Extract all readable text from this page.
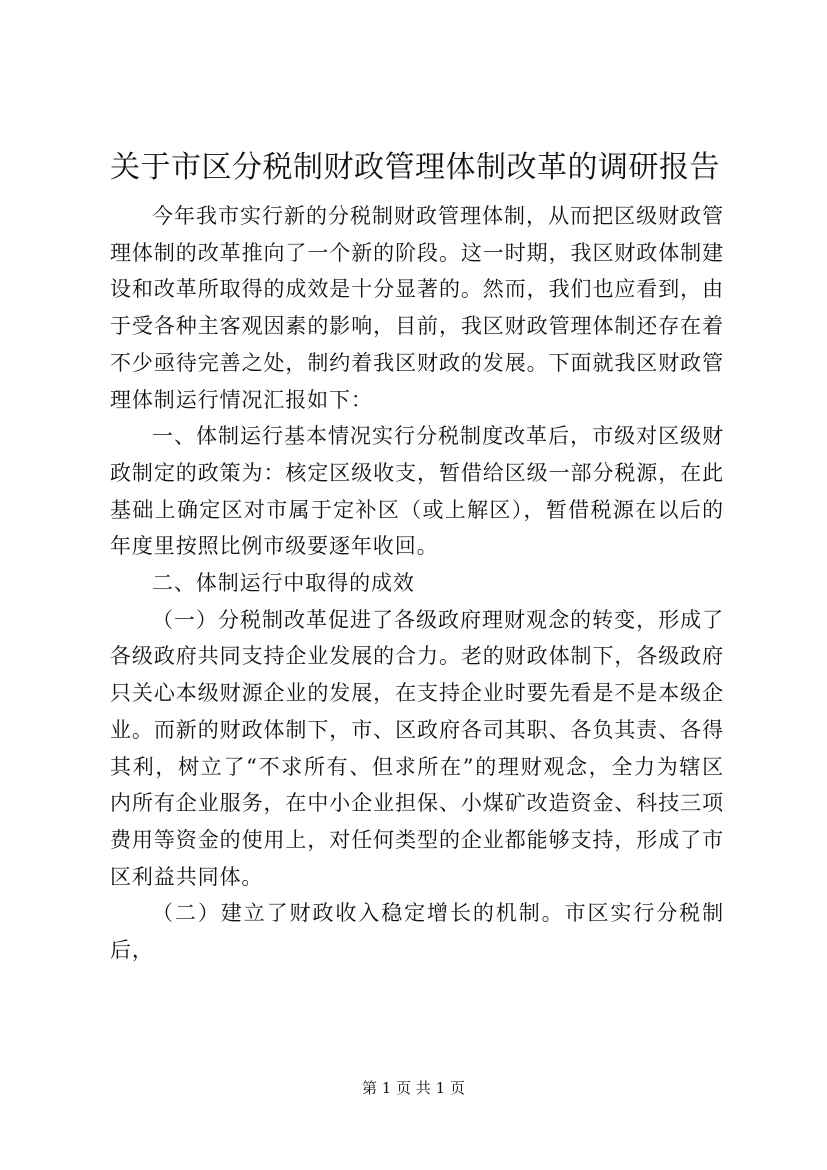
关于市区分税制财政管理体制改革的调研报告

今年我市实行新的分税制财政管理体制，从而把区级财政管理体制的改革推向了一个新的阶段。这一时期，我区财政体制建设和改革所取得的成效是十分显著的。然而，我们也应看到，由于受各种主客观因素的影响，目前，我区财政管理体制还存在着不少亟待完善之处，制约着我区财政的发展。下面就我区财政管理体制运行情况汇报如下：

一、体制运行基本情况实行分税制度改革后，市级对区级财政制定的政策为：核定区级收支，暂借给区级一部分税源，在此基础上确定区对市属于定补区（或上解区），暂借税源在以后的年度里按照比例市级要逐年收回。

二、体制运行中取得的成效

（一）分税制改革促进了各级政府理财观念的转变，形成了各级政府共同支持企业发展的合力。老的财政体制下，各级政府只关心本级财源企业的发展，在支持企业时要先看是不是本级企业。而新的财政体制下，市、区政府各司其职、各负其责、各得其利，树立了“不求所有、但求所在”的理财观念，全力为辖区内所有企业服务，在中小企业担保、小煤矿改造资金、科技三项费用等资金的使用上，对任何类型的企业都能够支持，形成了市区利益共同体。

（二）建立了财政收入稳定增长的机制。市区实行分税制后，

第 1 页 共 1 页
